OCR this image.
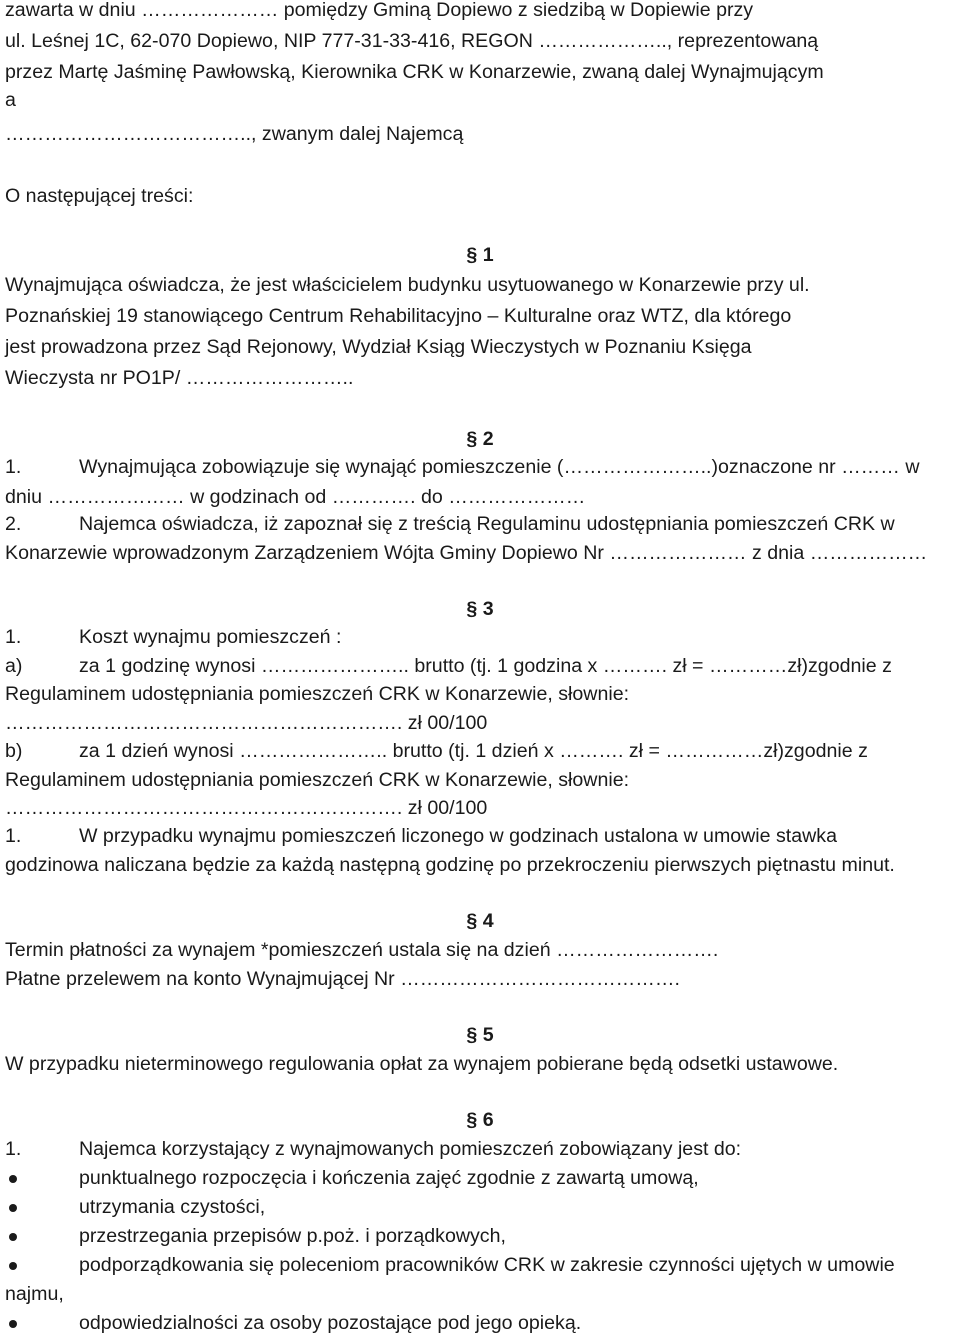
zawarta w dniu ………………… pomiędzy Gminą Dopiewo z siedzibą w Dopiewie przy
ul. Leśnej 1C, 62-070 Dopiewo, NIP 777-31-33-416, REGON ……………….., reprezentowaną
przez Martę Jaśminę Pawłowską, Kierownika CRK w Konarzewie, zwaną dalej Wynajmującym
a
……………………………….., zwanym dalej Najemcą
O następującej treści:
§ 1
Wynajmująca oświadcza, że jest właścicielem budynku usytuowanego w Konarzewie przy ul.
Poznańskiej 19 stanowiącego Centrum Rehabilitacyjno – Kulturalne oraz WTZ, dla którego
jest prowadzona przez Sąd Rejonowy, Wydział Ksiąg Wieczystych w Poznaniu Księga
Wieczysta nr PO1P/ ……………………..
§ 2
1.	Wynajmująca zobowiązuje się wynająć pomieszczenie (…………………..)oznaczone nr ……… w
dniu ………………… w godzinach od …………. do …………………
2.	Najemca oświadcza, iż zapoznał się z treścią Regulaminu udostępniania pomieszczeń CRK w
Konarzewie wprowadzonym Zarządzeniem Wójta Gminy Dopiewo Nr ………………… z dnia ………………
§ 3
1.	Koszt wynajmu pomieszczeń :
a)	za 1 godzinę wynosi ………………….. brutto (tj. 1 godzina x ………. zł = …………zł)zgodnie z
Regulaminem udostępniania pomieszczeń CRK w Konarzewie, słownie:
……………………………………………………. zł 00/100
b)	za 1 dzień wynosi ………………….. brutto (tj. 1 dzień x ………. zł = ……………zł)zgodnie z
Regulaminem udostępniania pomieszczeń CRK w Konarzewie, słownie:
……………………………………………………. zł 00/100
1.	W przypadku wynajmu pomieszczeń liczonego w godzinach ustalona w umowie stawka
godzinowa naliczana będzie za każdą następną godzinę po przekroczeniu pierwszych piętnastu minut.
§ 4
Termin płatności za wynajem *pomieszczeń ustala się na dzień …………………….
Płatne przelewem na konto Wynajmującej Nr …………………………………….
§ 5
W przypadku nieterminowego regulowania opłat za wynajem pobierane będą odsetki ustawowe.
§ 6
1.	Najemca korzystający z wynajmowanych pomieszczeń zobowiązany jest do:
punktualnego rozpoczęcia i kończenia zajęć zgodnie z zawartą umową,
utrzymania czystości,
przestrzegania przepisów p.poż. i porządkowych,
podporządkowania się poleceniom pracowników CRK w zakresie czynności ujętych w umowie
najmu,
odpowiedzialności za osoby pozostające pod jego opieką.
